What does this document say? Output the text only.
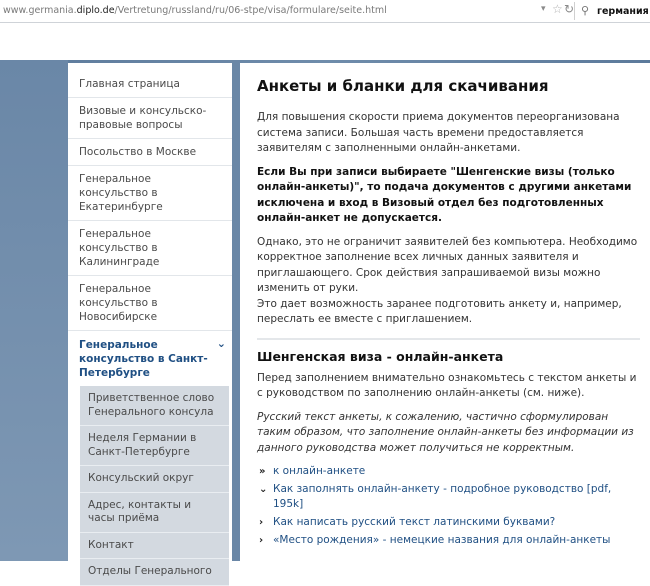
www.germania.diplo.de/Vertretung/russland/ru/06-stpe/visa/formulare/seite.html	▾ ☆ ↻ ⚲ германия
Главная страница
Визовые и консульско-правовые вопросы
Посольство в Москве
Генеральное консульство в Екатеринбурге
Генеральное консульство в Калининграде
Генеральное консульство в Новосибирске
Генеральное консульство в Санкт-Петербурге
⌄
Приветственное слово Генерального консула
Неделя Германии в Санкт-Петербурге
Консульский округ
Адрес, контакты и часы приёма
Контакт
Отделы Генерального
Анкеты и бланки для скачивания

Для повышения скорости приема документов переорганизована система записи. Большая часть времени предоставляется заявителям с заполненными онлайн-анкетами.

Если Вы при записи выбираете "Шенгенские визы (только онлайн-анкеты)", то подача документов с другими анкетами исключена и вход в Визовый отдел без подготовленных онлайн-анкет не допускается.

Однако, это не ограничит заявителей без компьютера. Необходимо корректное заполнение всех личных данных заявителя и приглашающего. Срок действия запрашиваемой визы можно изменить от руки.

Это дает возможность заранее подготовить анкету и, например, переслать ее вместе с приглашением.

Шенгенская виза - онлайн-анкета

Перед заполнением внимательно ознакомьтесь с текстом анкеты и с руководством по заполнению онлайн-анкеты (см. ниже).

Русский текст анкеты, к сожалению, частично сформулирован таким образом, что заполнение онлайн-анкеты без информации из данного руководства может получиться не корректным.

» к онлайн-анкете
⌄ Как заполнять онлайн-анкету - подробное руководство [pdf, 195k]
› Как написать русский текст латинскими буквами?
› «Место рождения» - немецкие названия для онлайн-анкеты
